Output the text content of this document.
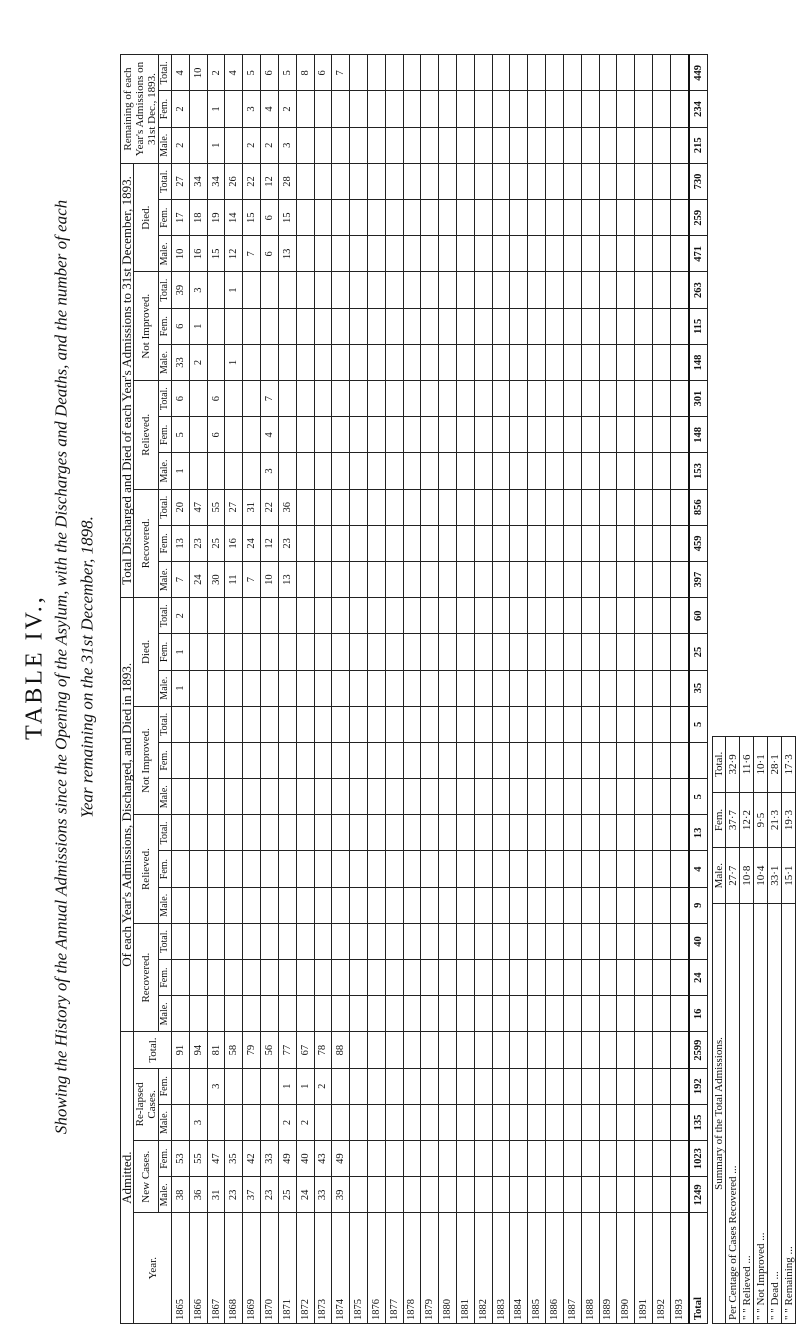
TABLE IV., Showing the History of the Annual Admissions since the Opening of the Asylum, with the Discharges and Deaths, and the number of each Year remaining on the 31st December, 1898.
Admitted.						Of each Year's Admissions, Discharged, and Died in 1893.												Total Discharged and Died of each Year's Admissions to 31st December, 1893.												Remaining of each Year's Admissions on 31st Dec., 1893.		
Year.	New Cases.		Re-lapsed Cases.		Total.	Recovered.			Relieved.			Not Improved.			Died.			Recovered.			Relieved.			Not Improved.			Died.					
	Male.	Fem.	Male.	Fem.		Male.	Fem.	Total.	Male.	Fem.	Total.	Male.	Fem.	Total.	Male.	Fem.	Total.	Male.	Fem.	Total.	Male.	Fem.	Total.	Male.	Fem.	Total.	Male.	Fem.	Total.	Male.	Fem.	Total.
1865	38	53			91										1	1	2	7	13	20	1	5	6	33	6	39	10	17	27	2	2	4
1866	36	55	3		94													24	23	47				2	1	3	16	18	34			10
1867	31	47		3	81													30	25	55		6	6				15	19	34	1	1	2
1868	23	35			58													11	16	27				1		1	12	14	26			4
1869	37	42			79													7	24	31							7	15	22	2	3	5
1870	23	33			56													10	12	22	3	4	7				6	6	12	2	4	6
1871	25	49	2	1	77													13	23	36							13	15	28	3	2	5
1872	24	40	2	1	67																											8
1873	33	43		2	78																											6
1874	39	49			88																											7
1875																																
1876																																
1877																																
1878																																
1879																																
1880																																
1881																																
1882																																
1883																																
1884																																
1885																																
1886																																
1887																																
1888																																
1889																																
1890																																
1891																																
1892																																
1893																																
Total	1249	1023	135	192	2599	16	24	40	9	4	13	5		5	35	25	60	397	459	856	153	148	301	148	115	263	471	259	730	215	234	449
Summary of the Total Admissions.	Male.	Fem.	Total.
Per Centage of Cases Recovered ...	27·7	37·7	32·9
" " Relieved ...	10·8	12·2	11·6
" " Not Improved ...	10·4	9·5	10·1
" " Dead ...	33·1	21·3	28·1
" " Remaining ...	15·1	19·3	17·3
